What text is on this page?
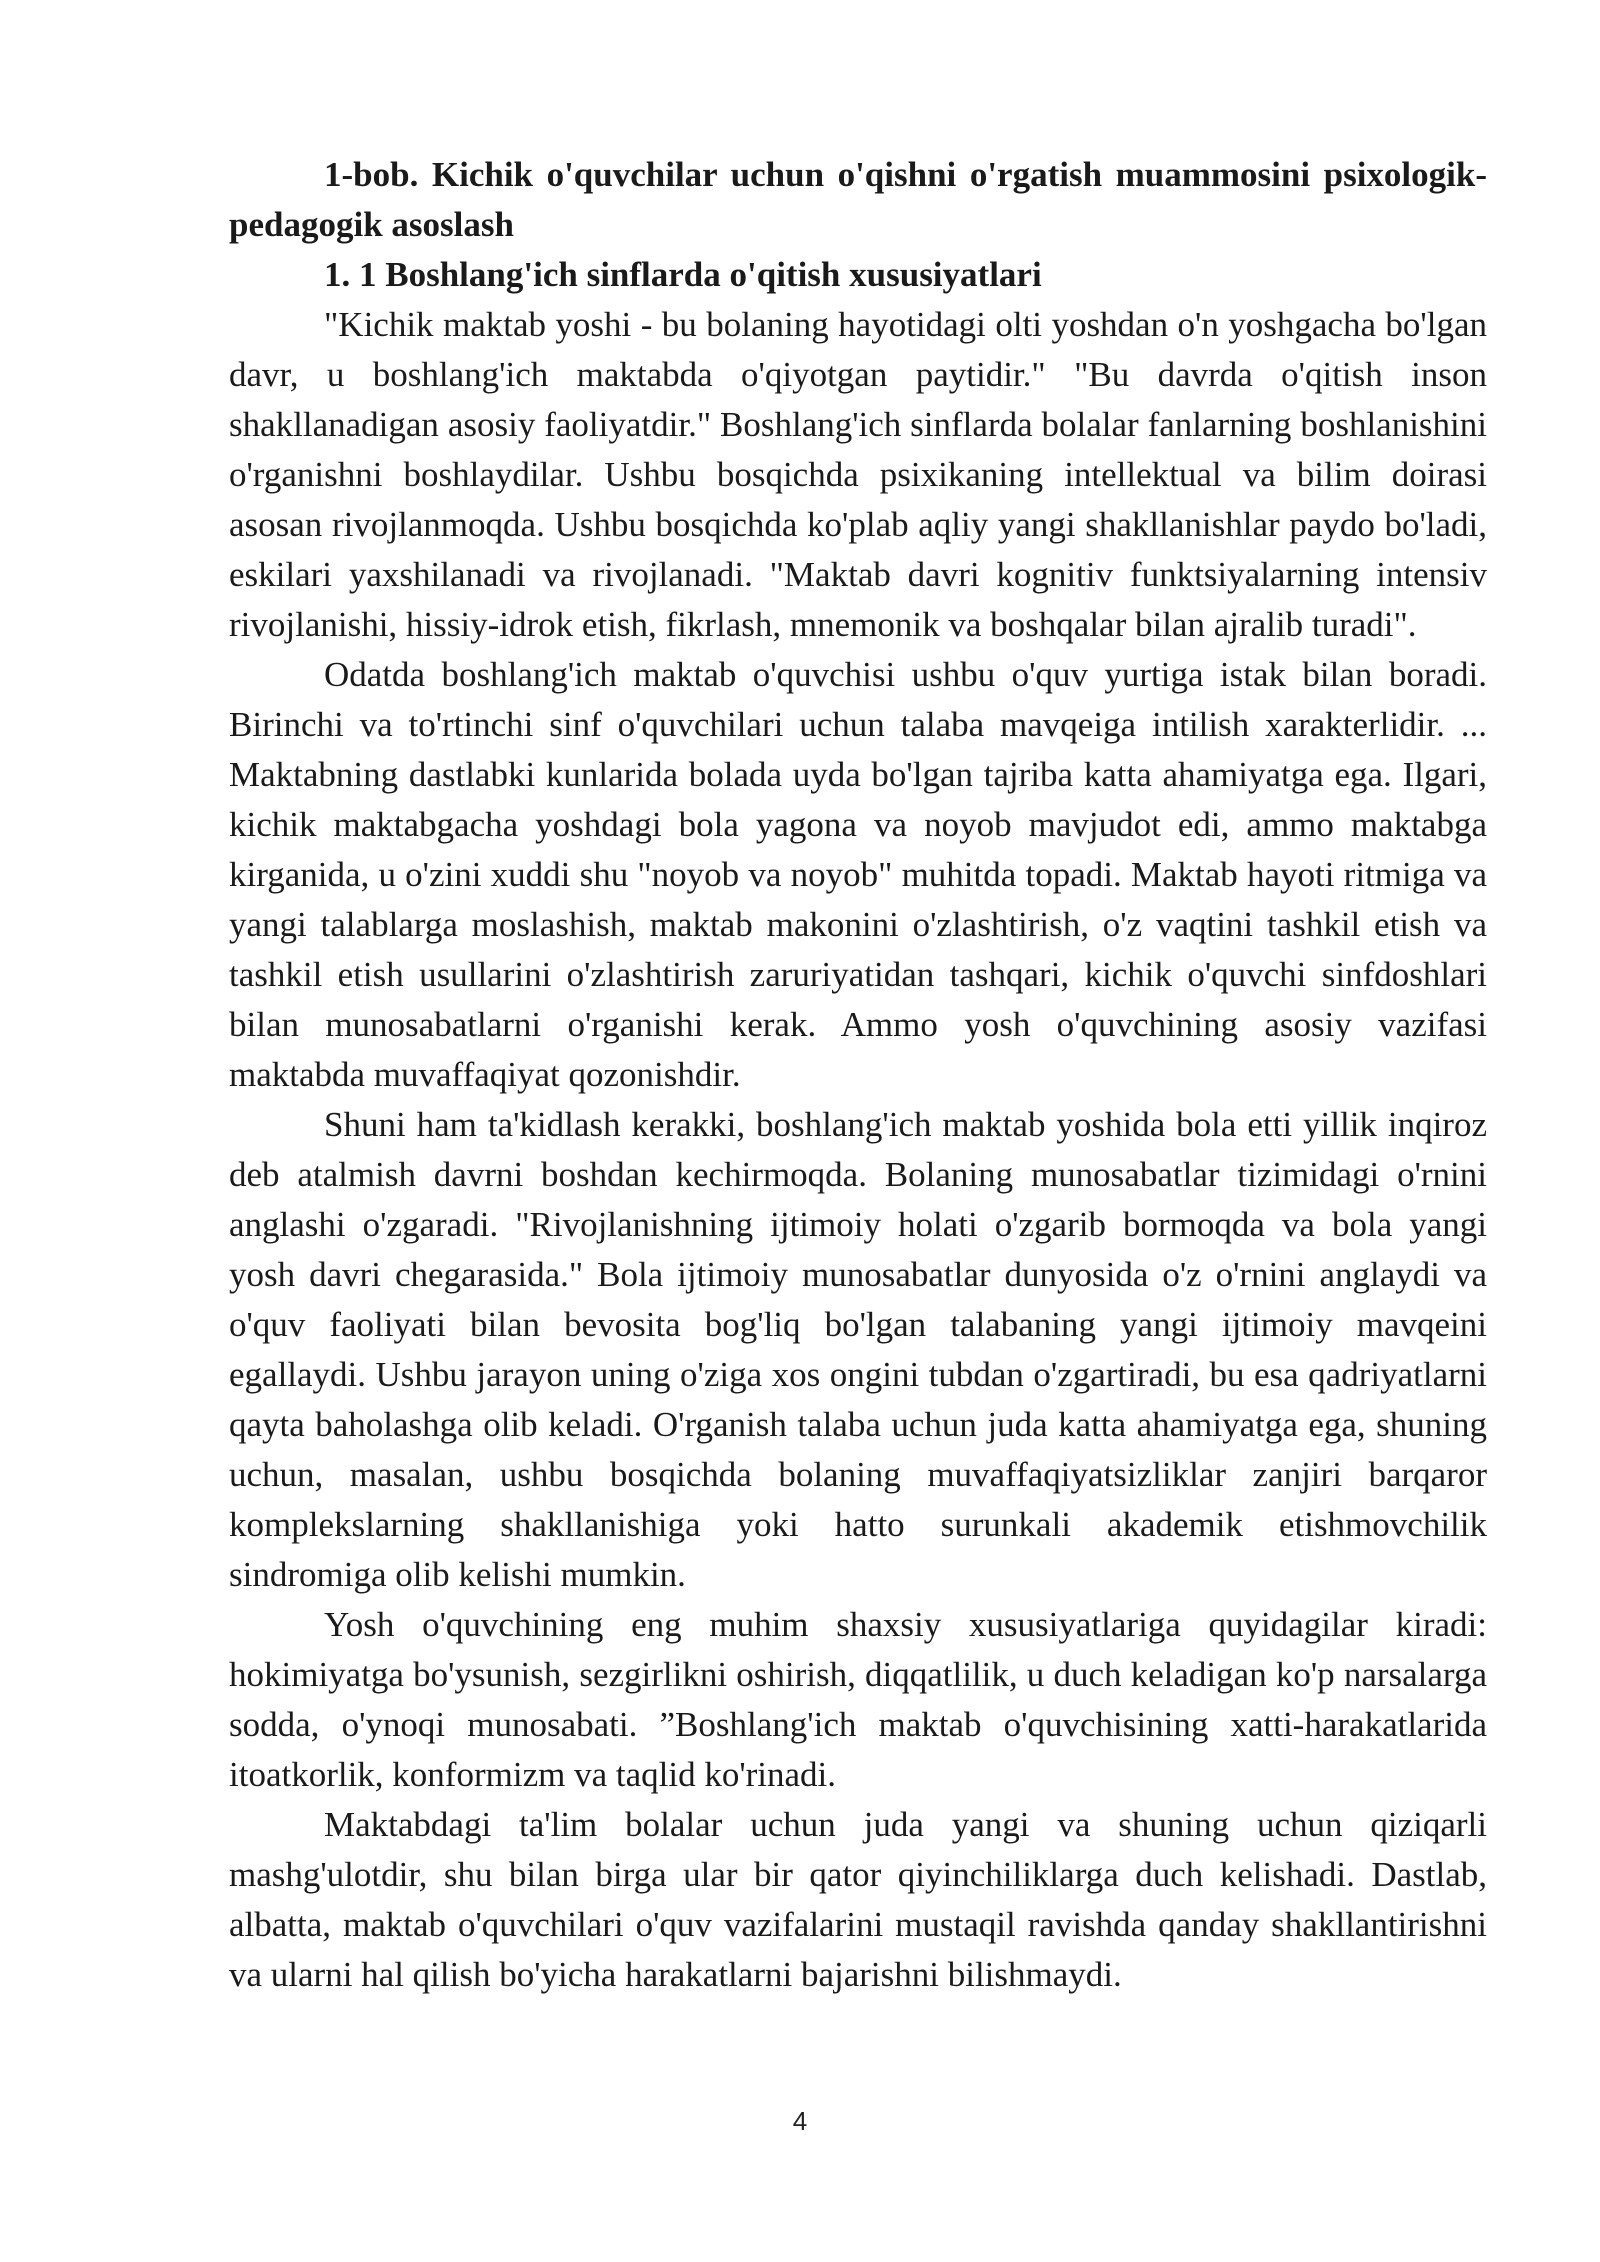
1-bob. Kichik o'quvchilar uchun o'qishni o'rgatish muammosini psixologik-pedagogik asoslash

1. 1 Boshlang'ich sinflarda o'qitish xususiyatlari

"Kichik maktab yoshi - bu bolaning hayotidagi olti yoshdan o'n yoshgacha bo'lgan davr, u boshlang'ich maktabda o'qiyotgan paytidir." "Bu davrda o'qitish inson shakllanadigan asosiy faoliyatdir." Boshlang'ich sinflarda bolalar fanlarning boshlanishini o'rganishni boshlaydilar. Ushbu bosqichda psixikaning intellektual va bilim doirasi asosan rivojlanmoqda. Ushbu bosqichda ko'plab aqliy yangi shakllanishlar paydo bo'ladi, eskilari yaxshilanadi va rivojlanadi. "Maktab davri kognitiv funktsiyalarning intensiv rivojlanishi, hissiy-idrok etish, fikrlash, mnemonik va boshqalar bilan ajralib turadi".

Odatda boshlang'ich maktab o'quvchisi ushbu o'quv yurtiga istak bilan boradi. Birinchi va to'rtinchi sinf o'quvchilari uchun talaba mavqeiga intilish xarakterlidir. ... Maktabning dastlabki kunlarida bolada uyda bo'lgan tajriba katta ahamiyatga ega. Ilgari, kichik maktabgacha yoshdagi bola yagona va noyob mavjudot edi, ammo maktabga kirganida, u o'zini xuddi shu "noyob va noyob" muhitda topadi. Maktab hayoti ritmiga va yangi talablarga moslashish, maktab makonini o'zlashtirish, o'z vaqtini tashkil etish va tashkil etish usullarini o'zlashtirish zaruriyatidan tashqari, kichik o'quvchi sinfdoshlari bilan munosabatlarni o'rganishi kerak. Ammo yosh o'quvchining asosiy vazifasi maktabda muvaffaqiyat qozonishdir.

Shuni ham ta'kidlash kerakki, boshlang'ich maktab yoshida bola etti yillik inqiroz deb atalmish davrni boshdan kechirmoqda. Bolaning munosabatlar tizimidagi o'rnini anglashi o'zgaradi. "Rivojlanishning ijtimoiy holati o'zgarib bormoqda va bola yangi yosh davri chegarasida." Bola ijtimoiy munosabatlar dunyosida o'z o'rnini anglaydi va o'quv faoliyati bilan bevosita bog'liq bo'lgan talabaning yangi ijtimoiy mavqeini egallaydi. Ushbu jarayon uning o'ziga xos ongini tubdan o'zgartiradi, bu esa qadriyatlarni qayta baholashga olib keladi. O'rganish talaba uchun juda katta ahamiyatga ega, shuning uchun, masalan, ushbu bosqichda bolaning muvaffaqiyatsizliklar zanjiri barqaror komplekslarning shakllanishiga yoki hatto surunkali akademik etishmovchilik sindromiga olib kelishi mumkin.

Yosh o'quvchining eng muhim shaxsiy xususiyatlariga quyidagilar kiradi: hokimiyatga bo'ysunish, sezgirlikni oshirish, diqqatlilik, u duch keladigan ko'p narsalarga sodda, o'ynoqi munosabati. ”Boshlang'ich maktab o'quvchisining xatti-harakatlarida itoatkorlik, konformizm va taqlid ko'rinadi.

Maktabdagi ta'lim bolalar uchun juda yangi va shuning uchun qiziqarli mashg'ulotdir, shu bilan birga ular bir qator qiyinchiliklarga duch kelishadi. Dastlab, albatta, maktab o'quvchilari o'quv vazifalarini mustaqil ravishda qanday shakllantirishni va ularni hal qilish bo'yicha harakatlarni bajarishni bilishmaydi.

4
